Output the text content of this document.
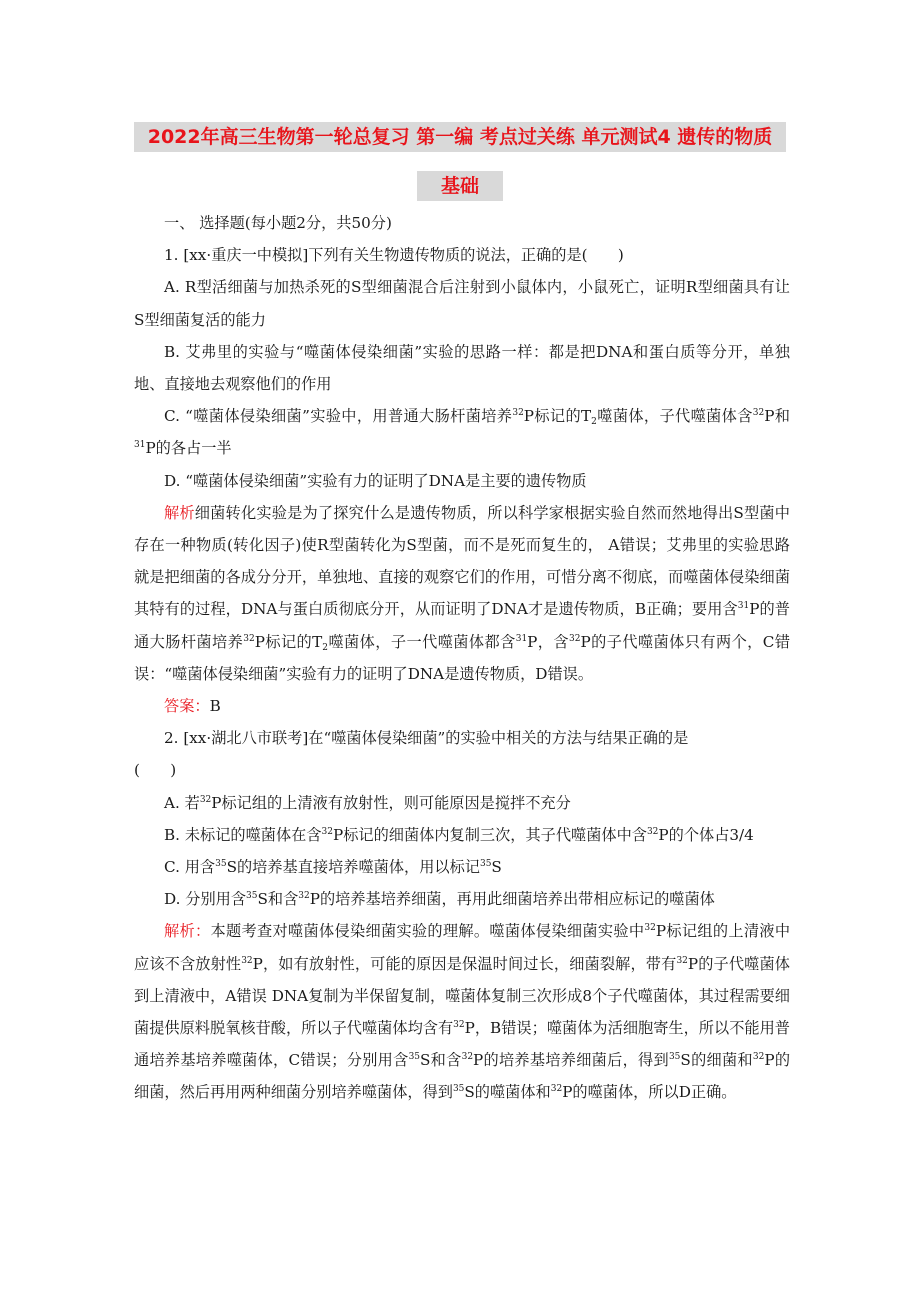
2022年高三生物第一轮总复习 第一编 考点过关练 单元测试4 遗传的物质
基础

一、 选择题(每小题2分，共50分)

1. [xx·重庆一中模拟]下列有关生物遗传物质的说法，正确的是(　　)

A. R型活细菌与加热杀死的S型细菌混合后注射到小鼠体内，小鼠死亡，证明R型细菌具有让S型细菌复活的能力

B. 艾弗里的实验与“噬菌体侵染细菌”实验的思路一样：都是把DNA和蛋白质等分开，单独地、直接地去观察他们的作用

C. “噬菌体侵染细菌”实验中，用普通大肠杆菌培养$^{32}$P标记的$T_2$噬菌体，子代噬菌体含$^{32}$P和$^{31}$P的各占一半

D. “噬菌体侵染细菌”实验有力的证明了DNA是主要的遗传物质

解析细菌转化实验是为了探究什么是遗传物质，所以科学家根据实验自然而然地得出S型菌中存在一种物质(转化因子)使R型菌转化为S型菌，而不是死而复生的， A错误；艾弗里的实验思路就是把细菌的各成分分开，单独地、直接的观察它们的作用，可惜分离不彻底，而噬菌体侵染细菌其特有的过程，DNA与蛋白质彻底分开，从而证明了DNA才是遗传物质，B正确；要用含$^{31}$P的普通大肠杆菌培养$^{32}$P标记的$T_2$噬菌体，子一代噬菌体都含$^{31}$P，含$^{32}$P的子代噬菌体只有两个，C错误：“噬菌体侵染细菌”实验有力的证明了DNA是遗传物质，D错误。

答案：B

2. [xx·湖北八市联考]在“噬菌体侵染细菌”的实验中相关的方法与结果正确的是

(　　)

A. 若$^{32}$P标记组的上清液有放射性，则可能原因是搅拌不充分

B. 未标记的噬菌体在含$^{32}$P标记的细菌体内复制三次，其子代噬菌体中含$^{32}$P的个体占3/4

C. 用含$^{35}$S的培养基直接培养噬菌体，用以标记$^{35}$S

D. 分别用含$^{35}$S和含$^{32}$P的培养基培养细菌，再用此细菌培养出带相应标记的噬菌体

解析：本题考查对噬菌体侵染细菌实验的理解。噬菌体侵染细菌实验中$^{32}$P标记组的上清液中应该不含放射性$^{32}$P，如有放射性，可能的原因是保温时间过长，细菌裂解，带有$^{32}$P的子代噬菌体到上清液中，A错误 DNA复制为半保留复制，噬菌体复制三次形成8个子代噬菌体，其过程需要细菌提供原料脱氧核苷酸，所以子代噬菌体均含有$^{32}$P，B错误；噬菌体为活细胞寄生，所以不能用普通培养基培养噬菌体，C错误；分别用含$^{35}$S和含$^{32}$P的培养基培养细菌后，得到$^{35}$S的细菌和$^{32}$P的细菌，然后再用两种细菌分别培养噬菌体，得到$^{35}$S的噬菌体和$^{32}$P的噬菌体，所以D正确。
